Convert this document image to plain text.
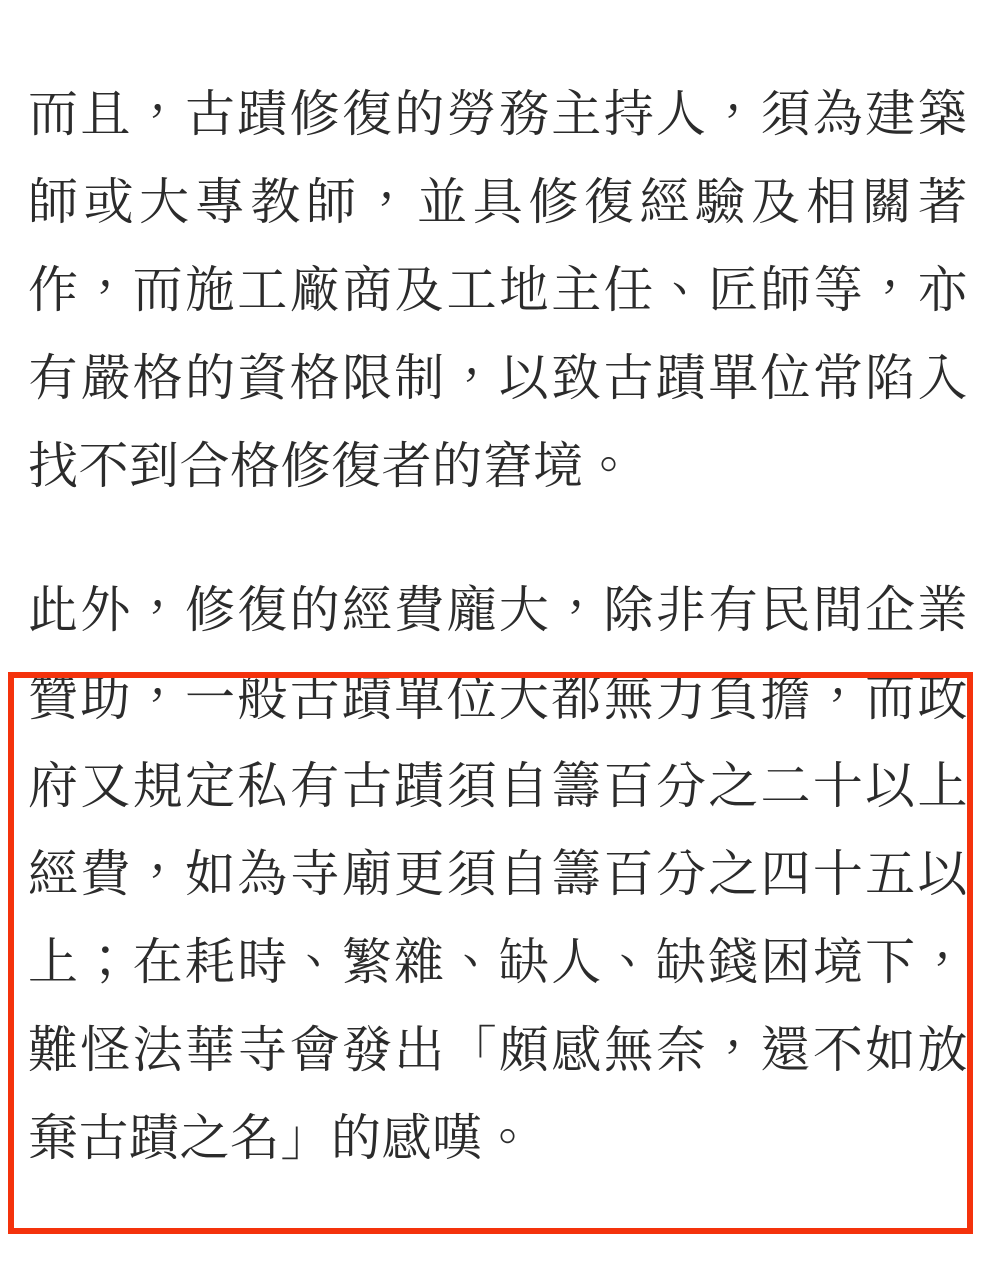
而且，古蹟修復的勞務主持人，須為建築師或大專教師，並具修復經驗及相關著作，而施工廠商及工地主任、匠師等，亦有嚴格的資格限制，以致古蹟單位常陷入找不到合格修復者的窘境。

此外，修復的經費龐大，除非有民間企業贊助，一般古蹟單位大都無力負擔，而政府又規定私有古蹟須自籌百分之二十以上經費，如為寺廟更須自籌百分之四十五以上；在耗時、繁雜、缺人、缺錢困境下，難怪法華寺會發出「頗感無奈，還不如放棄古蹟之名」的感嘆。
